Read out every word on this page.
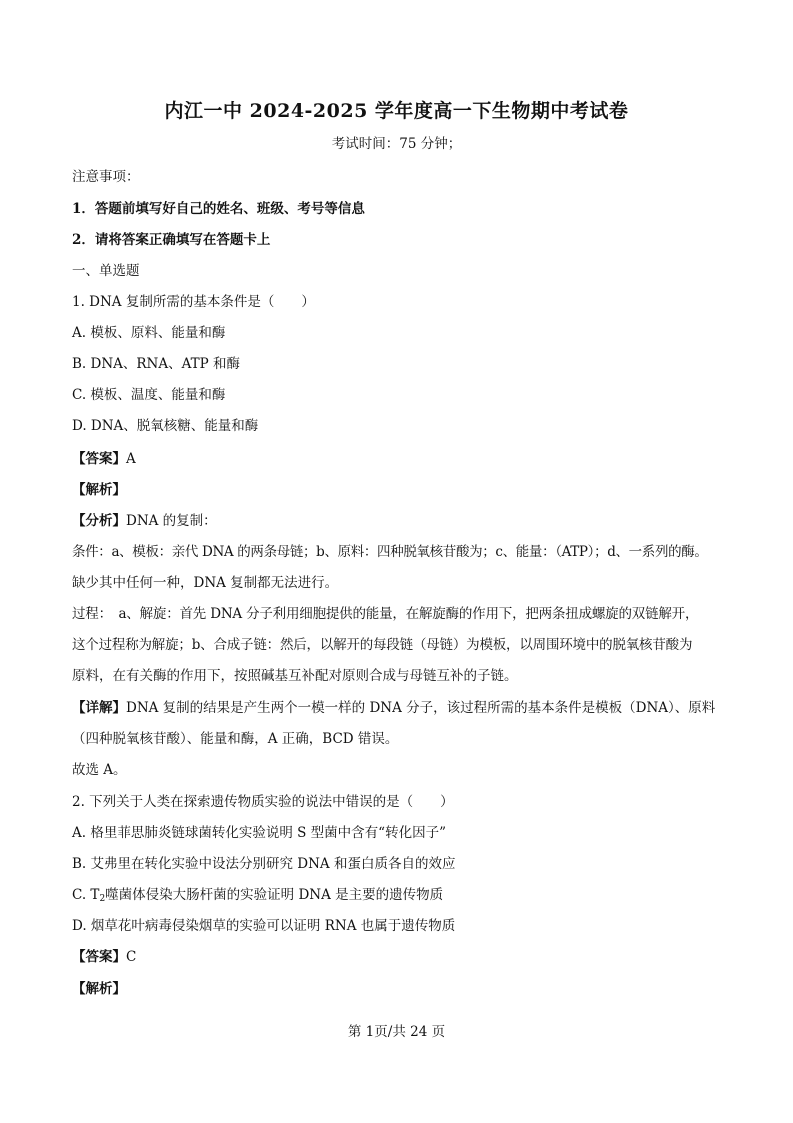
内江一中 2024-2025 学年度高一下生物期中考试卷
考试时间：75 分钟；
注意事项：
1．答题前填写好自己的姓名、班级、考号等信息
2．请将答案正确填写在答题卡上
一、单选题
1. DNA 复制所需的基本条件是（　　）
A. 模板、原料、能量和酶
B. DNA、RNA、ATP 和酶
C. 模板、温度、能量和酶
D. DNA、脱氧核糖、能量和酶
【答案】A
【解析】
【分析】DNA 的复制：
条件：a、模板：亲代 DNA 的两条母链；b、原料：四种脱氧核苷酸为；c、能量：（ATP）；d、一系列的酶。
缺少其中任何一种，DNA 复制都无法进行。
过程：　a、解旋：首先 DNA 分子利用细胞提供的能量，在解旋酶的作用下，把两条扭成螺旋的双链解开，
这个过程称为解旋；b、合成子链：然后，以解开的每段链（母链）为模板，以周围环境中的脱氧核苷酸为
原料，在有关酶的作用下，按照碱基互补配对原则合成与母链互补的子链。
【详解】DNA 复制的结果是产生两个一模一样的 DNA 分子，该过程所需的基本条件是模板（DNA）、原料
（四种脱氧核苷酸）、能量和酶，A 正确，BCD 错误。
故选 A。
2. 下列关于人类在探索遗传物质实验的说法中错误的是（　　）
A. 格里菲思肺炎链球菌转化实验说明 S 型菌中含有“转化因子”
B. 艾弗里在转化实验中设法分别研究 DNA 和蛋白质各自的效应
C. $T_2$噬菌体侵染大肠杆菌的实验证明 DNA 是主要的遗传物质
D. 烟草花叶病毒侵染烟草的实验可以证明 RNA 也属于遗传物质
【答案】C
【解析】
第 1页/共 24 页
